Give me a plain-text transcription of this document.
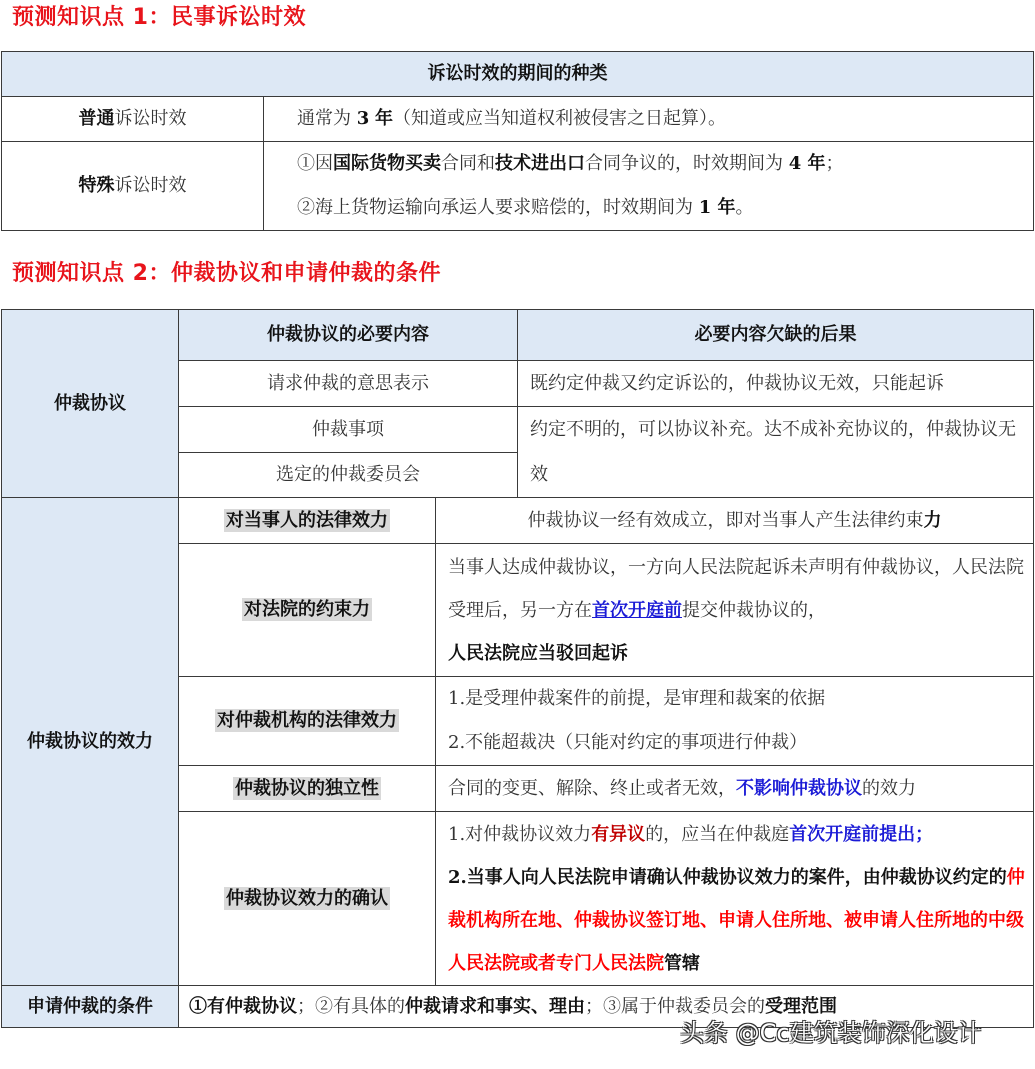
预测知识点 1：民事诉讼时效
诉讼时效的期间的种类	
普通诉讼时效	通常为 3 年（知道或应当知道权利被侵害之日起算）。
特殊诉讼时效	①因国际货物买卖合同和技术进出口合同争议的，时效期间为 4 年；
②海上货物运输向承运人要求赔偿的，时效期间为 1 年。
预测知识点 2：仲裁协议和申请仲裁的条件
仲裁协议	仲裁协议的必要内容		必要内容欠缺的后果
	请求仲裁的意思表示		既约定仲裁又约定诉讼的，仲裁协议无效，只能起诉
	仲裁事项		约定不明的，可以协议补充。达不成补充协议的，仲裁协议无效
	选定的仲裁委员会		
仲裁协议的效力	对当事人的法律效力	仲裁协议一经有效成立，即对当事人产生法律约束力	
	对法院的约束力	当事人达成仲裁协议，一方向人民法院起诉未声明有仲裁协议，人民法院受理后，另一方在首次开庭前提交仲裁协议的，
人民法院应当驳回起诉	
	对仲裁机构的法律效力	1.是受理仲裁案件的前提，是审理和裁案的依据
2.不能超裁决（只能对约定的事项进行仲裁）	

	仲裁协议的独立性	合同的变更、解除、终止或者无效，不影响仲裁协议的效力	
	仲裁协议效力的确认	1.对仲裁协议效力有异议的，应当在仲裁庭首次开庭前提出；
2.当事人向人民法院申请确认仲裁协议效力的案件，由仲裁协议约定的仲裁机构所在地、仲裁协议签订地、申请人住所地、被申请人住所地的中级人民法院或者专门人民法院管辖	

申请仲裁的条件	①有仲裁协议；②有具体的仲裁请求和事实、理由；③属于仲裁委员会的受理范围		
头条 @Cc建筑装饰深化设计
